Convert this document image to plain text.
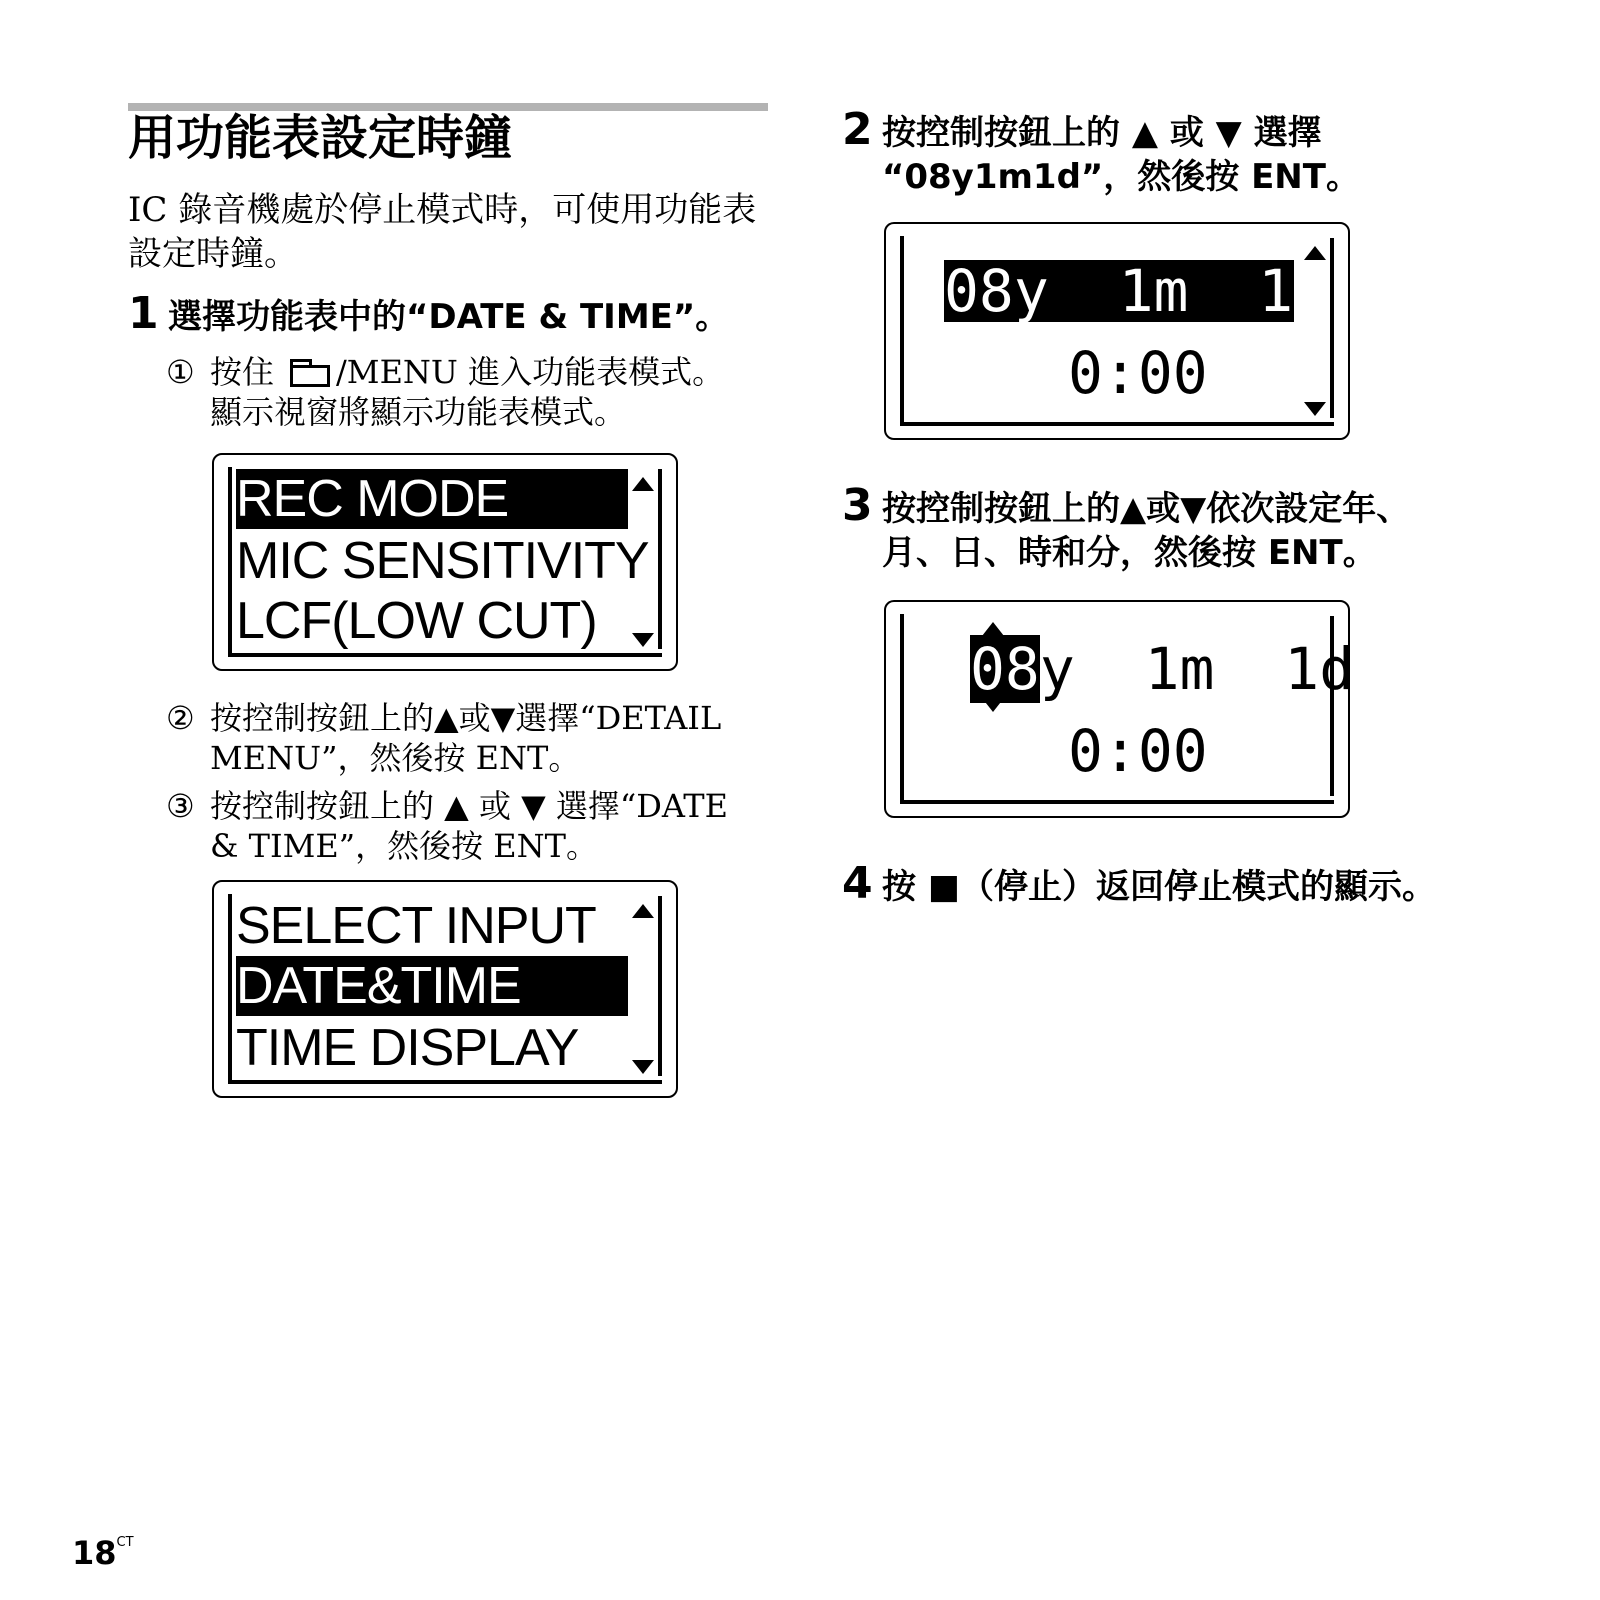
用功能表設定時鐘
IC 錄音機處於停止模式時，可使用功能表設定時鐘。
1 選擇功能表中的“DATE & TIME”。
① 按住 /MENU 進入功能表模式。
顯示視窗將顯示功能表模式。
REC MODE
MIC SENSITIVITY
LCF(LOW CUT)
② 按控制按鈕上的▲或▼選擇“DETAIL
MENU”，然後按 ENT。
③ 按控制按鈕上的 ▲ 或 ▼ 選擇“DATE
& TIME”，然後按 ENT。
SELECT INPUT
DATE&TIME
TIME DISPLAY
2 按控制按鈕上的 ▲ 或 ▼ 選擇
“08y1m1d”，然後按 ENT。
08y  1m  1d
0:00
3 按控制按鈕上的▲或▼依次設定年、
月、日、時和分，然後按 ENT。
08y  1m  1d
0:00
4 按 ■（停止）返回停止模式的顯示。
$18^{CT}$
